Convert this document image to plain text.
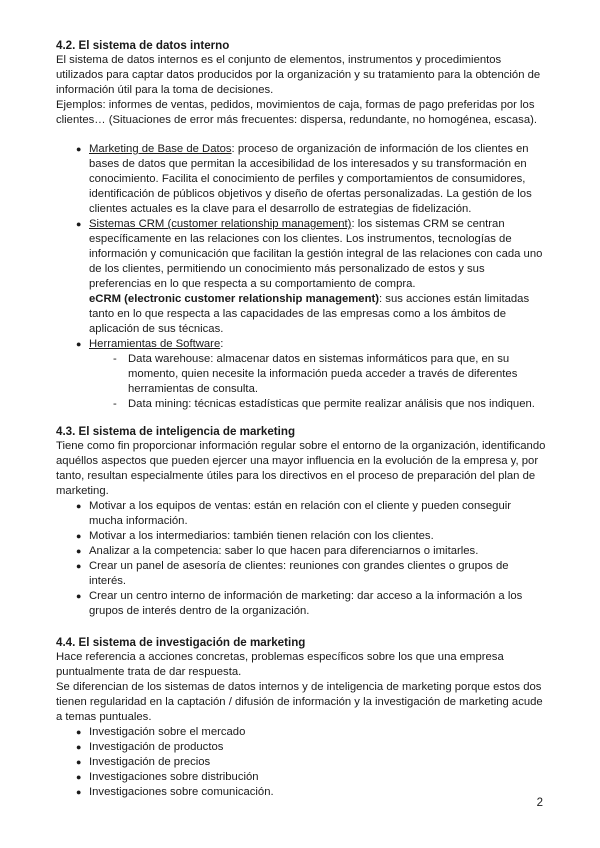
4.2. El sistema de datos interno

El sistema de datos internos es el conjunto de elementos, instrumentos y procedimientos utilizados para captar datos producidos por la organización y su tratamiento para la obtención de información útil para la toma de decisiones.

Ejemplos: informes de ventas, pedidos, movimientos de caja, formas de pago preferidas por los clientes… (Situaciones de error más frecuentes: dispersa, redundante, no homogénea, escasa).

● Marketing de Base de Datos: proceso de organización de información de los clientes en bases de datos que permitan la accesibilidad de los interesados y su transformación en conocimiento. Facilita el conocimiento de perfiles y comportamientos de consumidores, identificación de públicos objetivos y diseño de ofertas personalizadas. La gestión de los clientes actuales es la clave para el desarrollo de estrategias de fidelización.
● Sistemas CRM (customer relationship management): los sistemas CRM se centran específicamente en las relaciones con los clientes. Los instrumentos, tecnologías de información y comunicación que facilitan la gestión integral de las relaciones con cada uno de los clientes, permitiendo un conocimiento más personalizado de estos y sus preferencias en lo que respecta a su comportamiento de compra.
eCRM (electronic customer relationship management): sus acciones están limitadas tanto en lo que respecta a las capacidades de las empresas como a los ámbitos de aplicación de sus técnicas.
● Herramientas de Software:
- Data warehouse: almacenar datos en sistemas informáticos para que, en su momento, quien necesite la información pueda acceder a través de diferentes herramientas de consulta.
- Data mining: técnicas estadísticas que permite realizar análisis que nos indiquen.
4.3. El sistema de inteligencia de marketing

Tiene como fin proporcionar información regular sobre el entorno de la organización, identificando aquéllos aspectos que pueden ejercer una mayor influencia en la evolución de la empresa y, por tanto, resultan especialmente útiles para los directivos en el proceso de preparación del plan de marketing.

● Motivar a los equipos de ventas: están en relación con el cliente y pueden conseguir mucha información.
● Motivar a los intermediarios: también tienen relación con los clientes.
● Analizar a la competencia: saber lo que hacen para diferenciarnos o imitarles.
● Crear un panel de asesoría de clientes: reuniones con grandes clientes o grupos de interés.
● Crear un centro interno de información de marketing: dar acceso a la información a los grupos de interés dentro de la organización.
4.4. El sistema de investigación de marketing

Hace referencia a acciones concretas, problemas específicos sobre los que una empresa puntualmente trata de dar respuesta.

Se diferencian de los sistemas de datos internos y de inteligencia de marketing porque estos dos tienen regularidad en la captación / difusión de información y la investigación de marketing acude a temas puntuales.

● Investigación sobre el mercado
● Investigación de productos
● Investigación de precios
● Investigaciones sobre distribución
● Investigaciones sobre comunicación.
2
